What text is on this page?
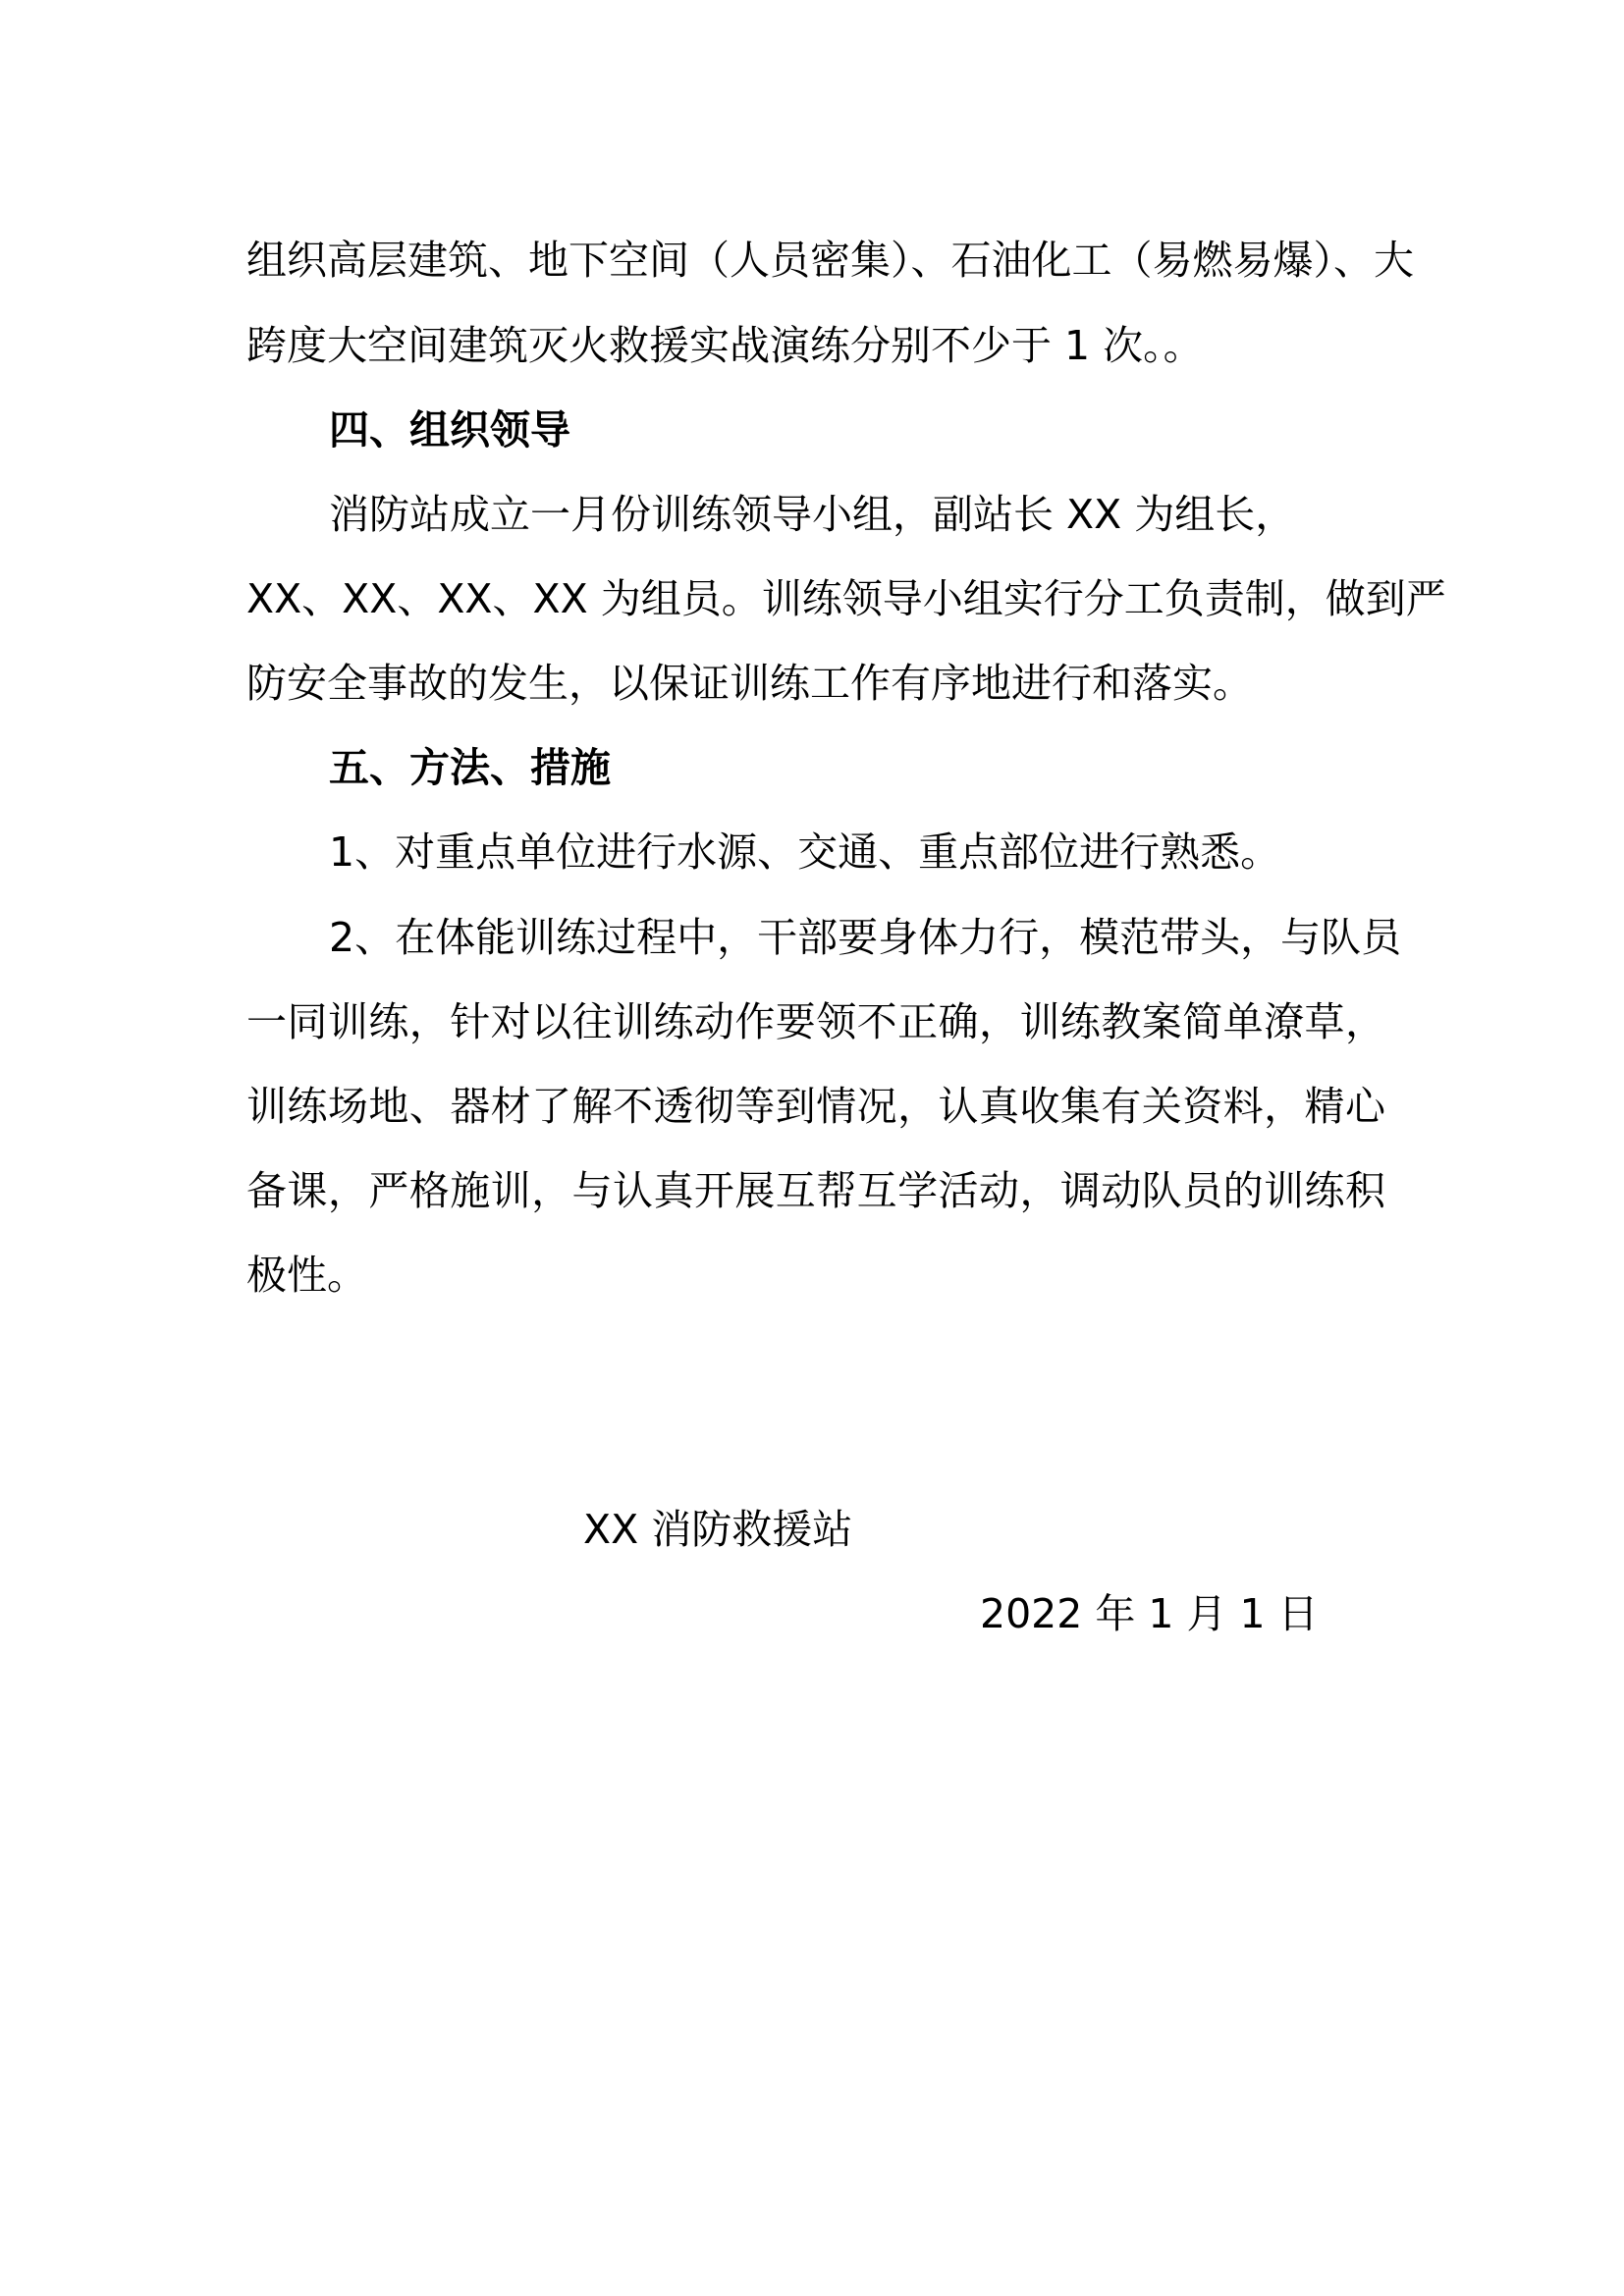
组织高层建筑、地下空间（人员密集）、石油化工（易燃易爆）、大
跨度大空间建筑灭火救援实战演练分别不少于 1 次。。
四、组织领导
消防站成立一月份训练领导小组，副站长 XX 为组长，
XX、XX、XX、XX 为组员。训练领导小组实行分工负责制，做到严
防安全事故的发生，以保证训练工作有序地进行和落实。
五、方法、措施
1、对重点单位进行水源、交通、重点部位进行熟悉。
2、在体能训练过程中，干部要身体力行，模范带头，与队员
一同训练，针对以往训练动作要领不正确，训练教案简单潦草，
训练场地、器材了解不透彻等到情况，认真收集有关资料，精心
备课，严格施训，与认真开展互帮互学活动，调动队员的训练积
极性。
XX 消防救援站
2022 年 1 月 1 日
